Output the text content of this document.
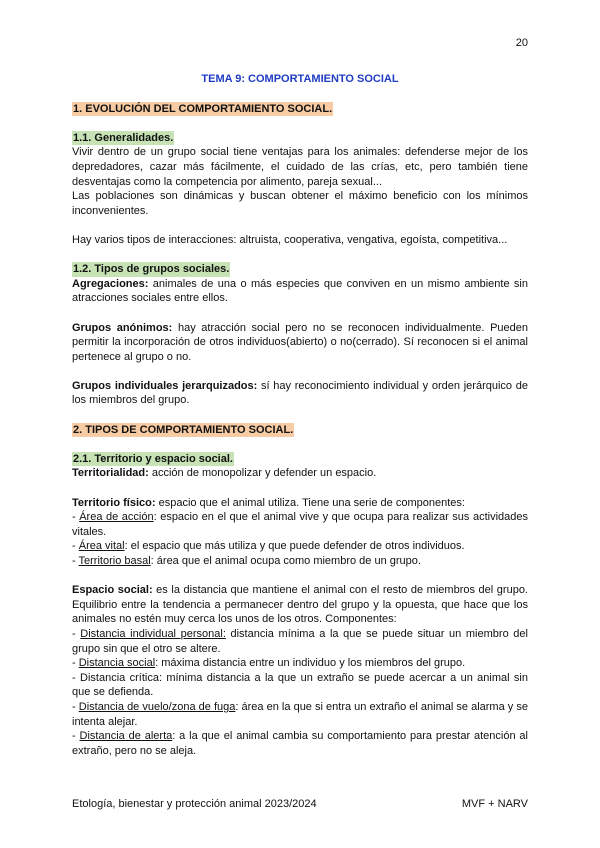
20
TEMA 9: COMPORTAMIENTO SOCIAL
1. EVOLUCIÓN DEL COMPORTAMIENTO SOCIAL.
1.1. Generalidades.

Vivir dentro de un grupo social tiene ventajas para los animales: defenderse mejor de los depredadores, cazar más fácilmente, el cuidado de las crías, etc, pero también tiene desventajas como la competencia por alimento, pareja sexual...

Las poblaciones son dinámicas y buscan obtener el máximo beneficio con los mínimos inconvenientes.

Hay varios tipos de interacciones: altruista, cooperativa, vengativa, egoísta, competitiva...

1.2. Tipos de grupos sociales.

Agregaciones: animales de una o más especies que conviven en un mismo ambiente sin atracciones sociales entre ellos.

Grupos anónimos: hay atracción social pero no se reconocen individualmente. Pueden permitir la incorporación de otros individuos(abierto) o no(cerrado). Sí reconocen si el animal pertenece al grupo o no.

Grupos individuales jerarquizados: sí hay reconocimiento individual y orden jerárquico de los miembros del grupo.

2. TIPOS DE COMPORTAMIENTO SOCIAL.
2.1. Territorio y espacio social.

Territorialidad: acción de monopolizar y defender un espacio.

Territorio físico: espacio que el animal utiliza. Tiene una serie de componentes:

- Área de acción: espacio en el que el animal vive y que ocupa para realizar sus actividades vitales.

- Área vital: el espacio que más utiliza y que puede defender de otros individuos.

- Territorio basal: área que el animal ocupa como miembro de un grupo.

Espacio social: es la distancia que mantiene el animal con el resto de miembros del grupo. Equilibrio entre la tendencia a permanecer dentro del grupo y la opuesta, que hace que los animales no estén muy cerca los unos de los otros. Componentes:

- Distancia individual personal: distancia mínima a la que se puede situar un miembro del grupo sin que el otro se altere.

- Distancia social: máxima distancia entre un individuo y los miembros del grupo.

- Distancia crítica: mínima distancia a la que un extraño se puede acercar a un animal sin que se defienda.

- Distancia de vuelo/zona de fuga: área en la que si entra un extraño el animal se alarma y se intenta alejar.

- Distancia de alerta: a la que el animal cambia su comportamiento para prestar atención al extraño, pero no se aleja.

Etología, bienestar y protección animal 2023/2024	MVF + NARV
